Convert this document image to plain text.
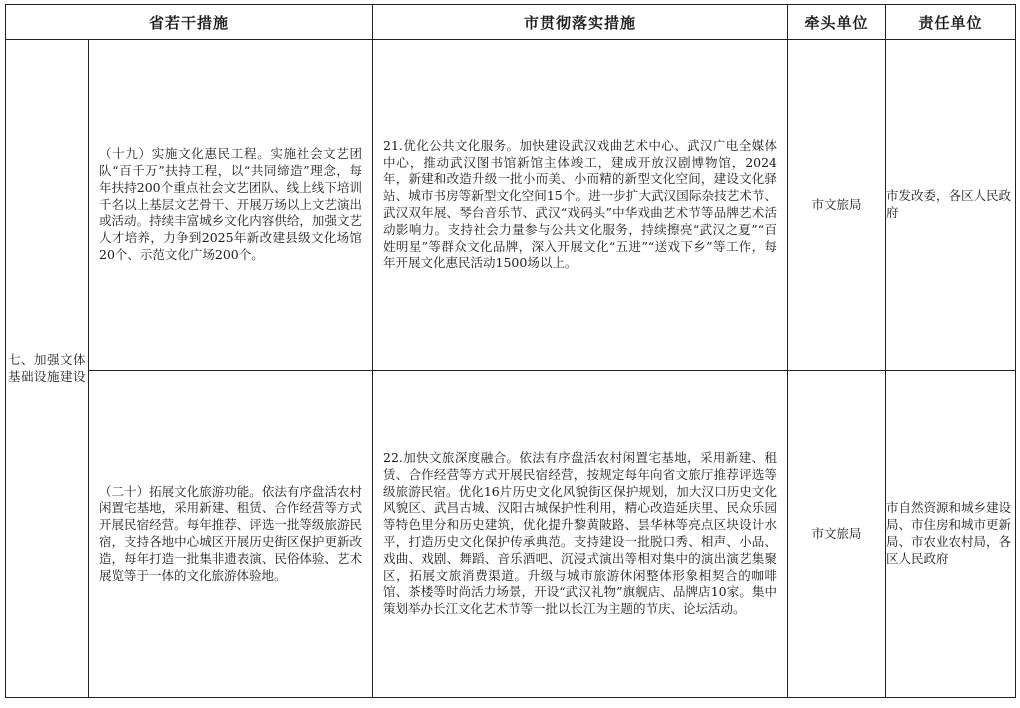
省若干措施		市贯彻落实措施	牵头单位	责任单位
七、加强文体基础设施建设	（十九）实施文化惠民工程。实施社会文艺团队“百千万”扶持工程，以“共同缔造”理念，每年扶持200个重点社会文艺团队、线上线下培训千名以上基层文艺骨干、开展万场以上文艺演出或活动。持续丰富城乡文化内容供给，加强文艺人才培养，力争到2025年新改建县级文化场馆20个、示范文化广场200个。	21.优化公共文化服务。加快建设武汉戏曲艺术中心、武汉广电全媒体中心，推动武汉图书馆新馆主体竣工，建成开放汉剧博物馆，2024年，新建和改造升级一批小而美、小而精的新型文化空间，建设文化驿站、城市书房等新型文化空间15个。进一步扩大武汉国际杂技艺术节、武汉双年展、琴台音乐节、武汉“戏码头”中华戏曲艺术节等品牌艺术活动影响力。支持社会力量参与公共文化服务，持续擦亮“武汉之夏”“百姓明星”等群众文化品牌，深入开展文化“五进”“送戏下乡”等工作，每年开展文化惠民活动1500场以上。	市文旅局	市发改委，各区人民政府

	（二十）拓展文化旅游功能。依法有序盘活农村闲置宅基地，采用新建、租赁、合作经营等方式开展民宿经营。每年推荐、评选一批等级旅游民宿，支持各地中心城区开展历史街区保护更新改造，每年打造一批集非遗表演、民俗体验、艺术展览等于一体的文化旅游体验地。	22.加快文旅深度融合。依法有序盘活农村闲置宅基地，采用新建、租赁、合作经营等方式开展民宿经营，按规定每年向省文旅厅推荐评选等级旅游民宿。优化16片历史文化风貌街区保护规划，加大汉口历史文化风貌区、武昌古城、汉阳古城保护性利用，精心改造延庆里、民众乐园等特色里分和历史建筑，优化提升黎黄陂路、昙华林等亮点区块设计水平，打造历史文化保护传承典范。支持建设一批脱口秀、相声、小品、戏曲、戏剧、舞蹈、音乐酒吧、沉浸式演出等相对集中的演出演艺集聚区，拓展文旅消费渠道。升级与城市旅游休闲整体形象相契合的咖啡馆、茶楼等时尚活力场景，开设“武汉礼物”旗舰店、品牌店10家。集中策划举办长江文化艺术节等一批以长江为主题的节庆、论坛活动。	市文旅局	市自然资源和城乡建设局、市住房和城市更新局、市农业农村局，各区人民政府
